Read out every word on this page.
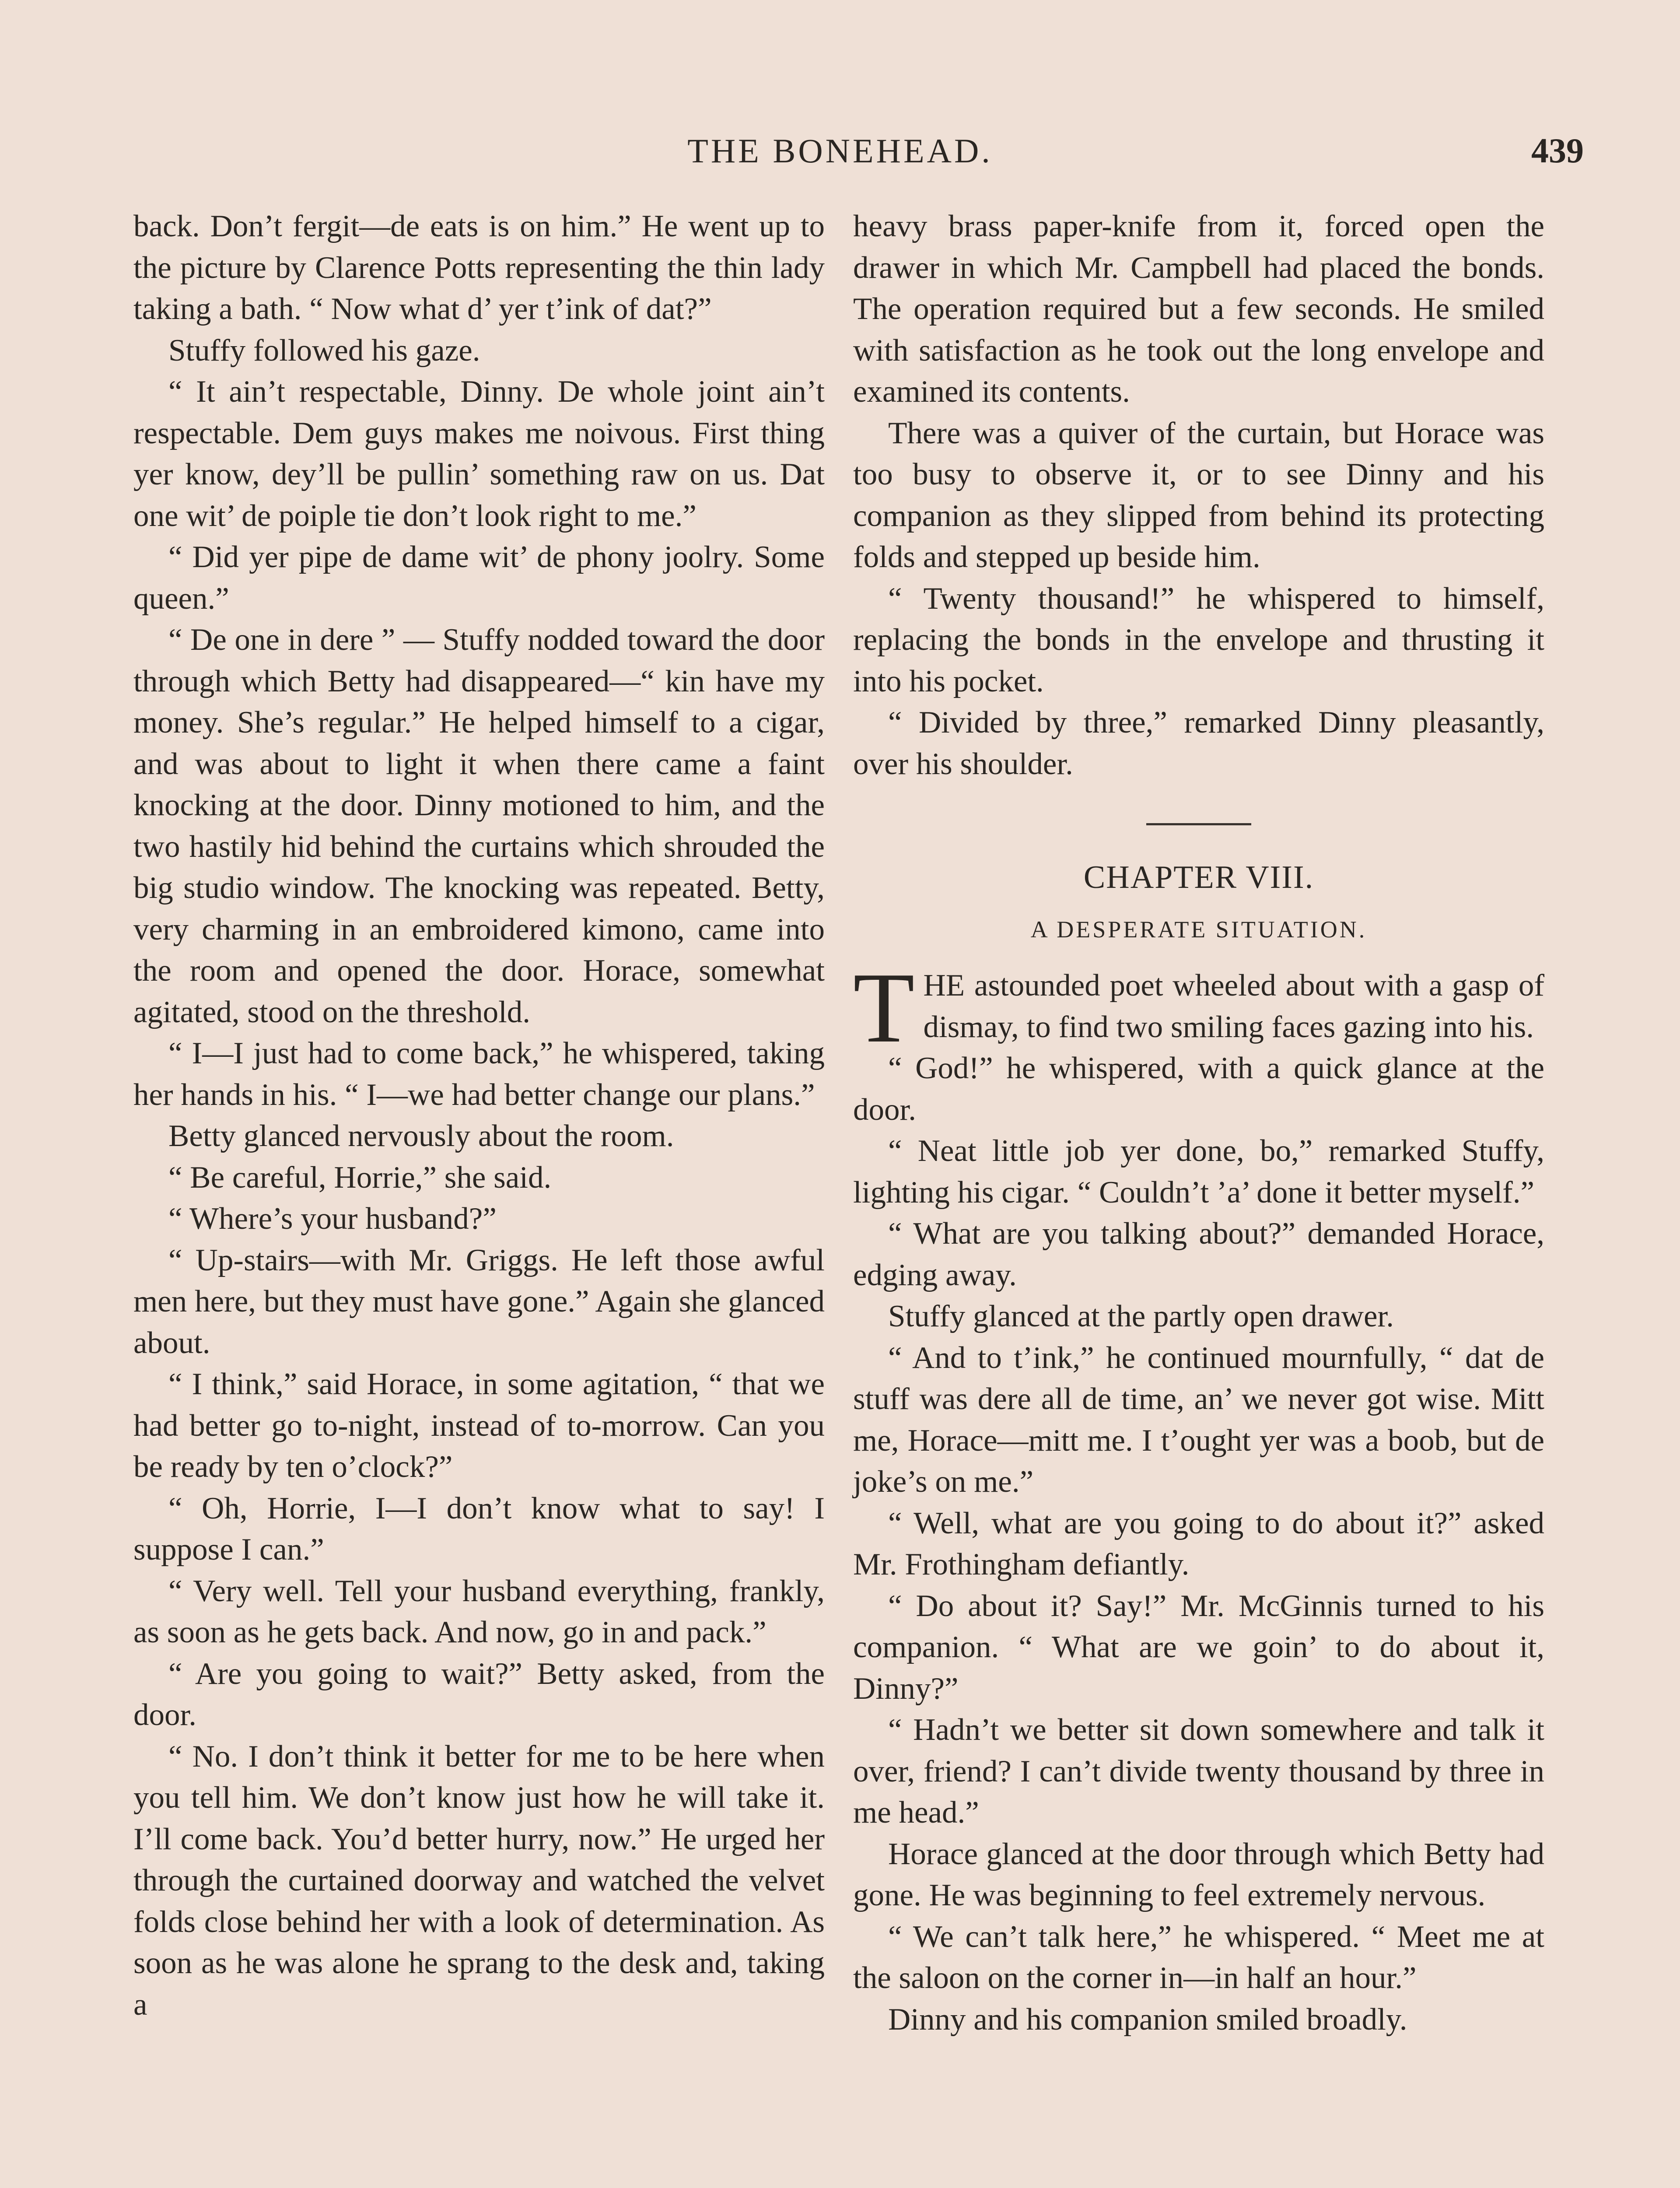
THE BONEHEAD.	439

back. Don’t fergit—de eats is on him.” He went up to the picture by Clarence Potts representing the thin lady taking a bath. “ Now what d’ yer t’ink of dat?”

Stuffy followed his gaze.

“ It ain’t respectable, Dinny. De whole joint ain’t respectable. Dem guys makes me noivous. First thing yer know, dey’ll be pullin’ something raw on us. Dat one wit’ de poiple tie don’t look right to me.”

“ Did yer pipe de dame wit’ de phony joolry. Some queen.”

“ De one in dere ” — Stuffy nodded toward the door through which Betty had disappeared—“ kin have my money. She’s regular.” He helped himself to a cigar, and was about to light it when there came a faint knocking at the door. Dinny motioned to him, and the two hastily hid behind the curtains which shrouded the big studio window. The knocking was repeated. Betty, very charming in an embroidered kimono, came into the room and opened the door. Horace, somewhat agitated, stood on the threshold.

“ I—I just had to come back,” he whispered, taking her hands in his. “ I—we had better change our plans.”

Betty glanced nervously about the room.

“ Be careful, Horrie,” she said.

“ Where’s your husband?”

“ Up-stairs—with Mr. Griggs. He left those awful men here, but they must have gone.” Again she glanced about.

“ I think,” said Horace, in some agitation, “ that we had better go to-night, instead of to-morrow. Can you be ready by ten o’clock?”

“ Oh, Horrie, I—I don’t know what to say! I suppose I can.”

“ Very well. Tell your husband everything, frankly, as soon as he gets back. And now, go in and pack.”

“ Are you going to wait?” Betty asked, from the door.

“ No. I don’t think it better for me to be here when you tell him. We don’t know just how he will take it. I’ll come back. You’d better hurry, now.” He urged her through the curtained doorway and watched the velvet folds close behind her with a look of determination. As soon as he was alone he sprang to the desk and, taking a

heavy brass paper-knife from it, forced open the drawer in which Mr. Campbell had placed the bonds. The operation required but a few seconds. He smiled with satisfaction as he took out the long envelope and examined its contents.

There was a quiver of the curtain, but Horace was too busy to observe it, or to see Dinny and his companion as they slipped from behind its protecting folds and stepped up beside him.

“ Twenty thousand!” he whispered to himself, replacing the bonds in the envelope and thrusting it into his pocket.

“ Divided by three,” remarked Dinny pleasantly, over his shoulder.

CHAPTER VIII.
A DESPERATE SITUATION.

THE astounded poet wheeled about with a gasp of dismay, to find two smiling faces gazing into his.

“ God!” he whispered, with a quick glance at the door.

“ Neat little job yer done, bo,” remarked Stuffy, lighting his cigar. “ Couldn’t ’a’ done it better myself.”

“ What are you talking about?” demanded Horace, edging away.

Stuffy glanced at the partly open drawer.

“ And to t’ink,” he continued mournfully, “ dat de stuff was dere all de time, an’ we never got wise. Mitt me, Horace—mitt me. I t’ought yer was a boob, but de joke’s on me.”

“ Well, what are you going to do about it?” asked Mr. Frothingham defiantly.

“ Do about it? Say!” Mr. McGinnis turned to his companion. “ What are we goin’ to do about it, Dinny?”

“ Hadn’t we better sit down somewhere and talk it over, friend? I can’t divide twenty thousand by three in me head.”

Horace glanced at the door through which Betty had gone. He was beginning to feel extremely nervous.

“ We can’t talk here,” he whispered. “ Meet me at the saloon on the corner in—in half an hour.”

Dinny and his companion smiled broadly.
